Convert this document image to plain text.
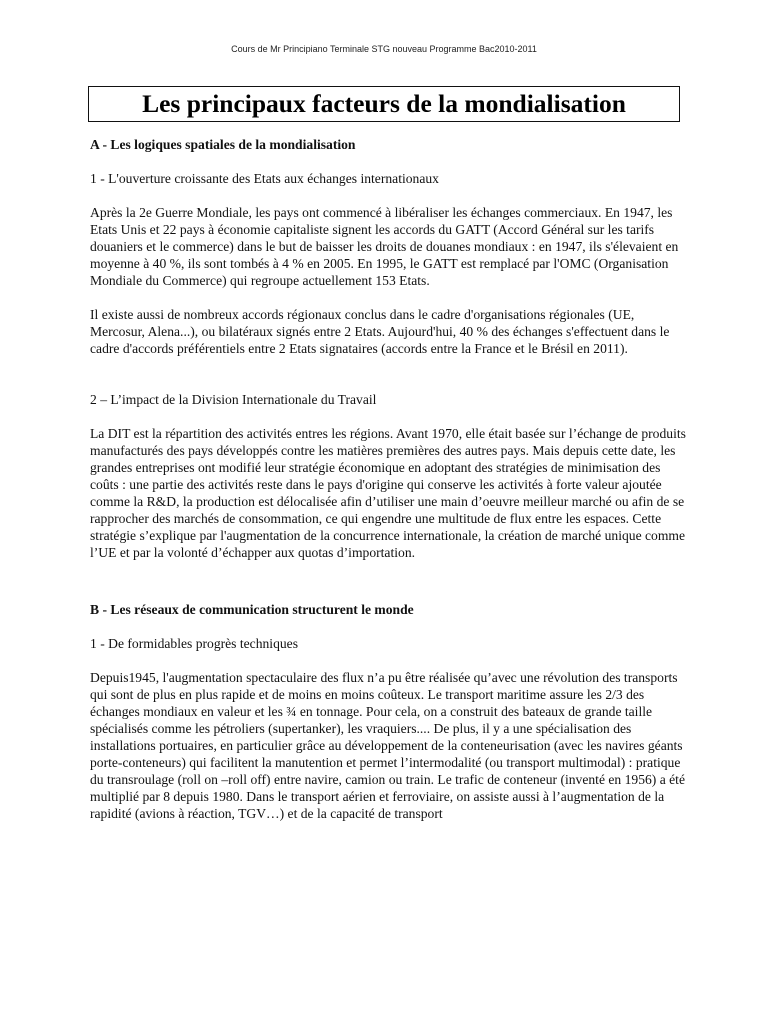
Cours de Mr Principiano Terminale STG nouveau Programme Bac2010-2011
Les principaux facteurs de la mondialisation

A - Les logiques spatiales de la mondialisation

1 - L'ouverture croissante des Etats aux échanges internationaux

Après la 2e Guerre Mondiale, les pays ont commencé à libéraliser les échanges commerciaux. En 1947, les Etats Unis et 22 pays à économie capitaliste signent les accords du GATT (Accord Général sur les tarifs douaniers et le commerce) dans le but de baisser les droits de douanes mondiaux : en 1947, ils s'élevaient en moyenne à 40 %, ils sont tombés à 4 % en 2005. En 1995, le GATT est remplacé par l'OMC (Organisation Mondiale du Commerce) qui regroupe actuellement 153 Etats.

Il existe aussi de nombreux accords régionaux conclus dans le cadre d'organisations régionales (UE, Mercosur, Alena...), ou bilatéraux signés entre 2 Etats. Aujourd'hui, 40 % des échanges s'effectuent dans le cadre d'accords préférentiels entre 2 Etats signataires (accords entre la France et le Brésil en 2011).

2 – L’impact de la Division Internationale du Travail

La DIT est la répartition des activités entres les régions. Avant 1970, elle était basée sur l’échange de produits manufacturés des pays développés contre les matières premières des autres pays. Mais depuis cette date, les grandes entreprises ont modifié leur stratégie économique en adoptant des stratégies de minimisation des coûts : une partie des activités reste dans le pays d'origine qui conserve les activités à forte valeur ajoutée comme la R&D, la production est délocalisée afin d’utiliser une main d’oeuvre meilleur marché ou afin de se rapprocher des marchés de consommation, ce qui engendre une multitude de flux entre les espaces. Cette stratégie s’explique par l'augmentation de la concurrence internationale, la création de marché unique comme l’UE et par la volonté d’échapper aux quotas d’importation.

B - Les réseaux de communication structurent le monde

1 - De formidables progrès techniques

Depuis1945, l'augmentation spectaculaire des flux n’a pu être réalisée qu’avec une révolution des transports qui sont de plus en plus rapide et de moins en moins coûteux. Le transport maritime assure les 2/3 des échanges mondiaux en valeur et les ¾ en tonnage. Pour cela, on a construit des bateaux de grande taille spécialisés comme les pétroliers (supertanker), les vraquiers.... De plus, il y a une spécialisation des installations portuaires, en particulier grâce au développement de la conteneurisation (avec les navires géants porte-conteneurs) qui facilitent la manutention et permet l’intermodalité (ou transport multimodal) : pratique du transroulage (roll on –roll off) entre navire, camion ou train. Le trafic de conteneur (inventé en 1956) a été multiplié par 8 depuis 1980. Dans le transport aérien et ferroviaire, on assiste aussi à l’augmentation de la rapidité (avions à réaction, TGV…) et de la capacité de transport
